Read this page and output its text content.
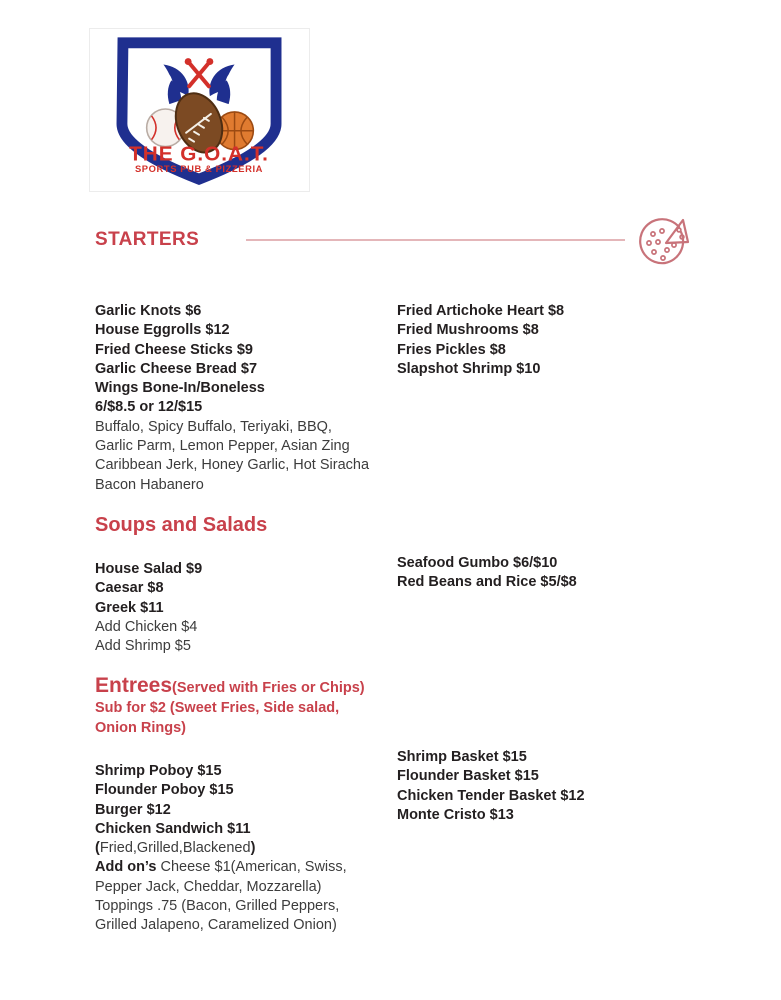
THE G.O.A.T.
SPORTS PUB & PIZZERIA
STARTERS
Garlic Knots $6
House Eggrolls $12
Fried Cheese Sticks $9
Garlic Cheese Bread $7
Wings Bone-In/Boneless
6/$8.5 or 12/$15
Buffalo, Spicy Buffalo, Teriyaki, BBQ,
Garlic Parm, Lemon Pepper, Asian Zing
Caribbean Jerk, Honey Garlic, Hot Siracha
Bacon Habanero
Fried Artichoke Heart $8
Fried Mushrooms $8
Fries Pickles $8
Slapshot Shrimp $10
Soups and Salads
House Salad $9
Caesar $8
Greek $11
Add Chicken $4
Add Shrimp $5
Seafood Gumbo $6/$10
Red Beans and Rice $5/$8
Entrees(Served with Fries or Chips)
Sub for $2 (Sweet Fries, Side salad,
Onion Rings)
Shrimp Poboy $15
Flounder Poboy $15
Burger $12
Chicken Sandwich $11
(Fried,Grilled,Blackened)
Add on’s Cheese $1(American, Swiss,
Pepper Jack, Cheddar, Mozzarella)
Toppings .75 (Bacon, Grilled Peppers,
Grilled Jalapeno, Caramelized Onion)
Shrimp Basket $15
Flounder Basket $15
Chicken Tender Basket $12
Monte Cristo $13
